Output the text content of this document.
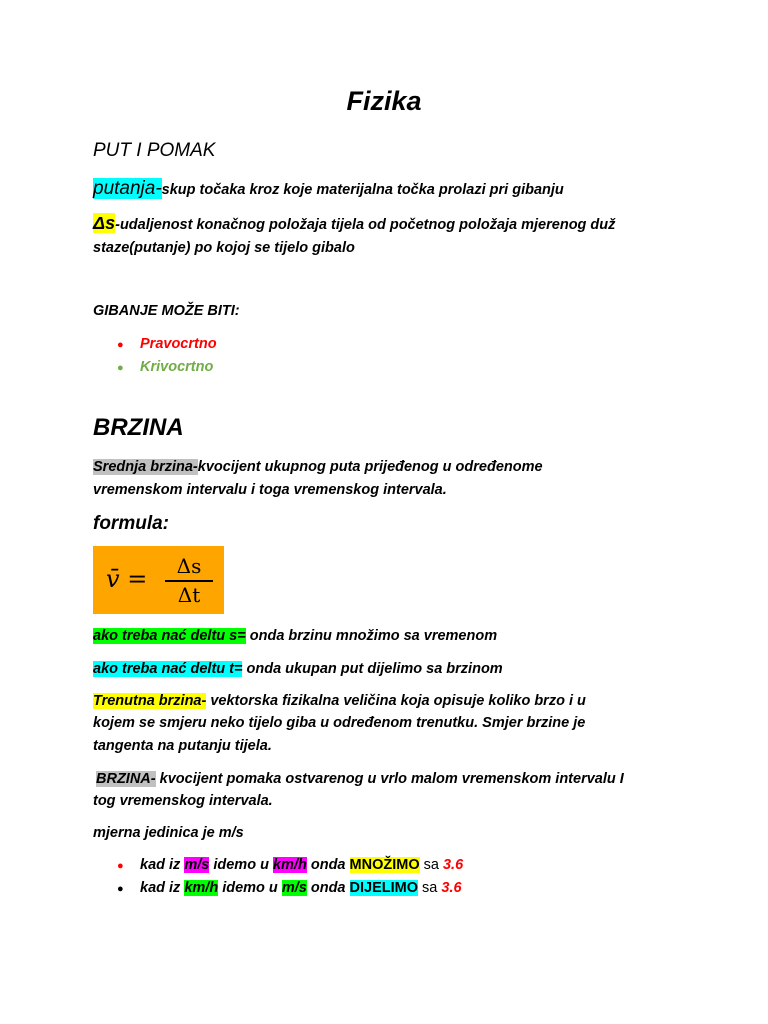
Fizika
PUT I POMAK
putanja-skup točaka kroz koje materijalna točka prolazi pri gibanju
Δs-udaljenost konačnog položaja tijela od početnog položaja mjerenog duž
staze(putanje) po kojoj se tijelo gibalo
GIBANJE MOŽE BITI:
● Pravocrtno
● Krivocrtno
BRZINA
Srednja brzina-kvocijent ukupnog puta prijeđenog u određenome
vremenskom intervalu i toga vremenskog intervala.
formula:
v̄ =	Δs
Δt
ako treba nać deltu s= onda brzinu množimo sa vremenom
ako treba nać deltu t= onda ukupan put dijelimo sa brzinom
Trenutna brzina- vektorska fizikalna veličina koja opisuje koliko brzo i u
kojem se smjeru neko tijelo giba u određenom trenutku. Smjer brzine je
tangenta na putanju tijela.
BRZINA- kvocijent pomaka ostvarenog u vrlo malom vremenskom intervalu I
tog vremenskog intervala.
mjerna jedinica je m/s
● kad iz m/s idemo u km/h onda MNOŽIMO sa 3.6
● kad iz km/h idemo u m/s onda DIJELIMO sa 3.6
